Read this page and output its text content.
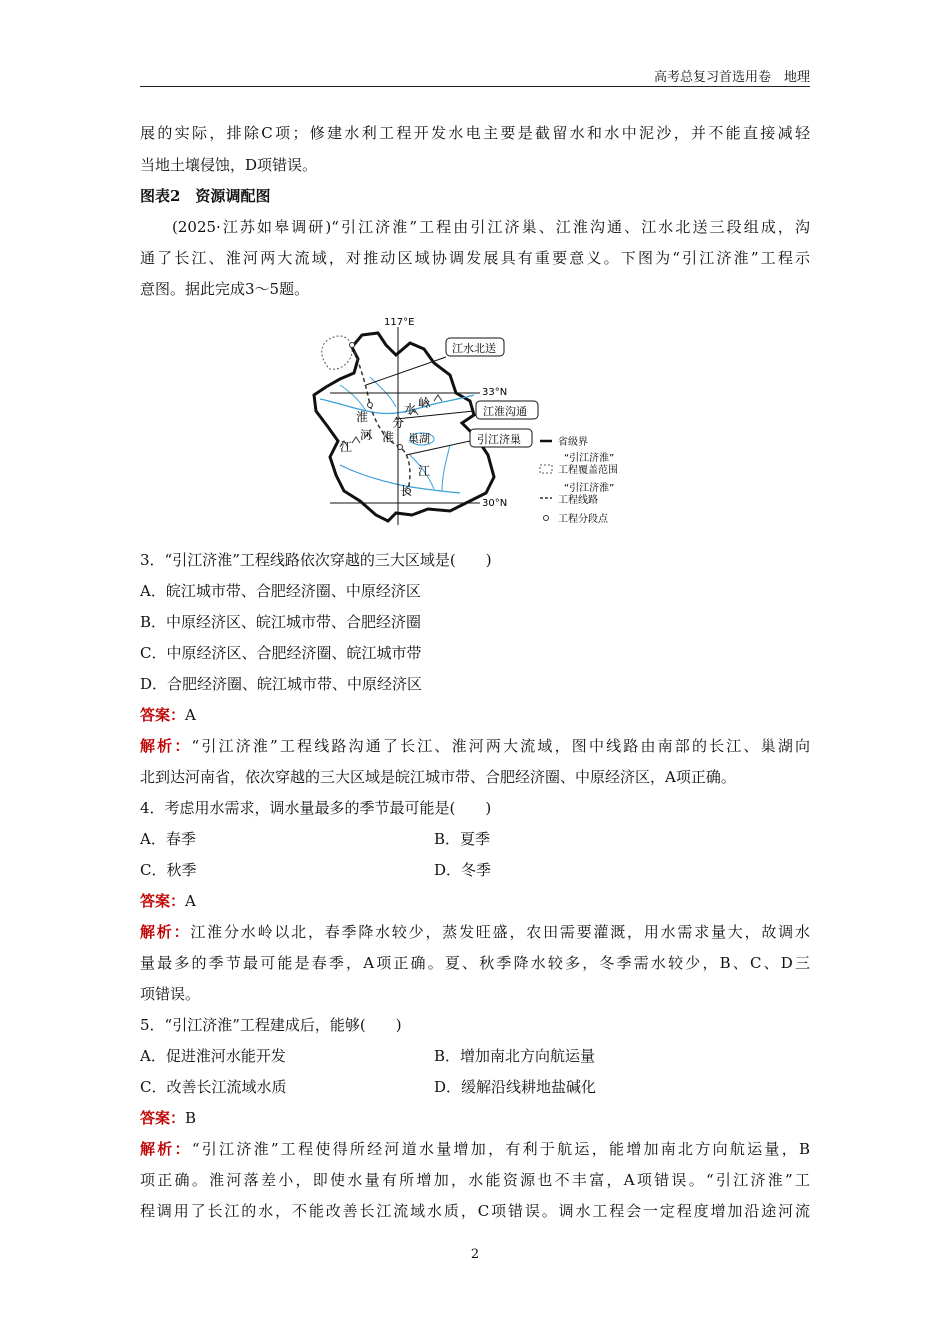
高考总复习首选用卷　地理
展的实际，排除C项；修建水利工程开发水电主要是截留水和水中泥沙，并不能直接减轻
当地土壤侵蚀，D项错误。
图表2　资源调配图
(2025·江苏如皋调研)“引江济淮”工程由引江济巢、江淮沟通、江水北送三段组成，沟
通了长江、淮河两大流域，对推动区域协调发展具有重要意义。下图为“引江济淮”工程示
意图。据此完成3～5题。
117°E
33°N
30°N
江水北送
江淮沟通
引江济巢
淮
河
江
淮
分
水 岭
巢湖
江
长
省级界
“引江济淮”
工程覆盖范围
“引江济淮”
工程线路
工程分段点
3．“引江济淮”工程线路依次穿越的三大区域是(　　)
A．皖江城市带、合肥经济圈、中原经济区
B．中原经济区、皖江城市带、合肥经济圈
C．中原经济区、合肥经济圈、皖江城市带
D．合肥经济圈、皖江城市带、中原经济区
答案：A
解析：“引江济淮”工程线路沟通了长江、淮河两大流域，图中线路由南部的长江、巢湖向
北到达河南省，依次穿越的三大区域是皖江城市带、合肥经济圈、中原经济区，A项正确。
4．考虑用水需求，调水量最多的季节最可能是(　　)
A．春季	B．夏季
C．秋季	D．冬季
答案：A
解析：江淮分水岭以北，春季降水较少，蒸发旺盛，农田需要灌溉，用水需求量大，故调水
量最多的季节最可能是春季，A项正确。夏、秋季降水较多，冬季需水较少，B、C、D三
项错误。
5．“引江济淮”工程建成后，能够(　　)
A．促进淮河水能开发	B．增加南北方向航运量
C．改善长江流域水质	D．缓解沿线耕地盐碱化
答案：B
解析：“引江济淮”工程使得所经河道水量增加，有利于航运，能增加南北方向航运量，B
项正确。淮河落差小，即使水量有所增加，水能资源也不丰富，A项错误。“引江济淮”工
程调用了长江的水，不能改善长江流域水质，C项错误。调水工程会一定程度增加沿途河流
2
